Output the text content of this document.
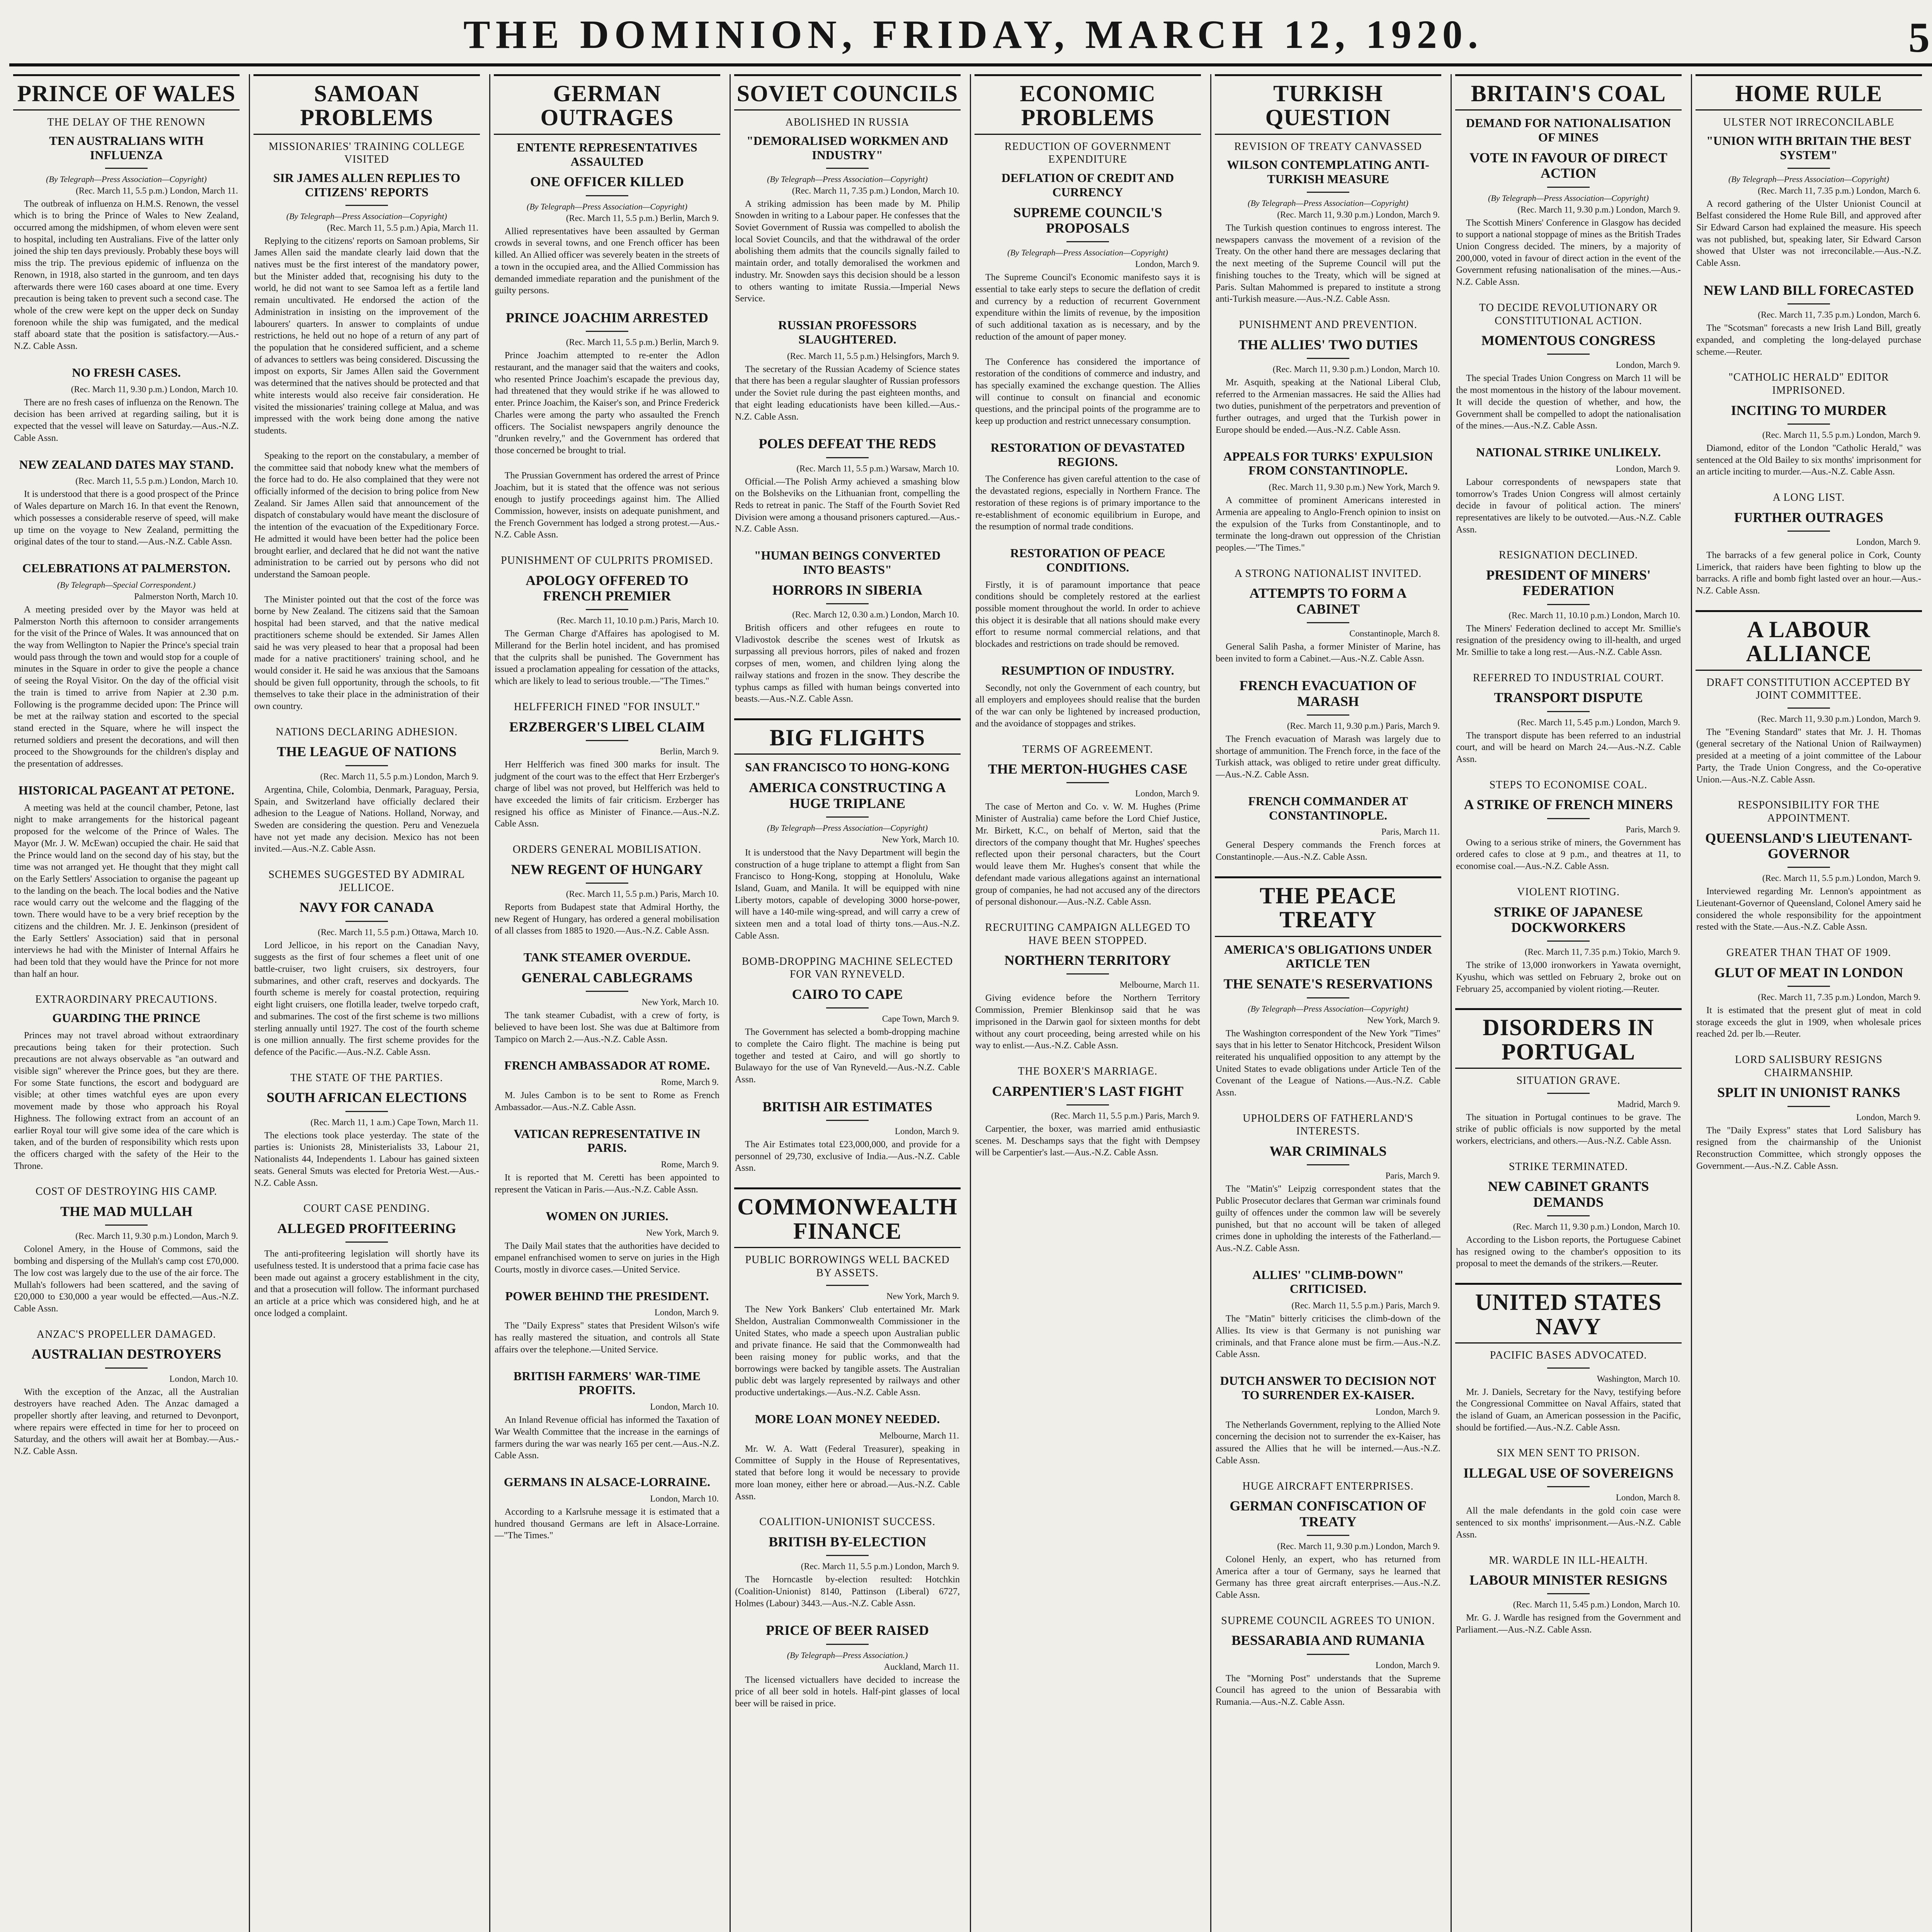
THE DOMINION, FRIDAY, MARCH 12, 1920.	5
PRINCE OF WALES
THE DELAY OF THE RENOWN
TEN AUSTRALIANS WITH INFLUENZA
(By Telegraph—Press Association—Copyright)
(Rec. March 11, 5.5 p.m.) London, March 11.
The outbreak of influenza on H.M.S. Renown, the vessel which is to bring the Prince of Wales to New Zealand, occurred among the midshipmen, of whom eleven were sent to hospital, including ten Australians. Five of the latter only joined the ship ten days previously. Probably these boys will miss the trip. The previous epidemic of influenza on the Renown, in 1918, also started in the gunroom, and ten days afterwards there were 160 cases aboard at one time. Every precaution is being taken to prevent such a second case. The whole of the crew were kept on the upper deck on Sunday forenoon while the ship was fumigated, and the medical staff aboard state that the position is satisfactory.—Aus.-N.Z. Cable Assn.
NO FRESH CASES.
(Rec. March 11, 9.30 p.m.) London, March 10.
There are no fresh cases of influenza on the Renown. The decision has been arrived at regarding sailing, but it is expected that the vessel will leave on Saturday.—Aus.-N.Z. Cable Assn.
NEW ZEALAND DATES MAY STAND.
(Rec. March 11, 5.5 p.m.) London, March 10.
It is understood that there is a good prospect of the Prince of Wales departure on March 16. In that event the Renown, which possesses a considerable reserve of speed, will make up time on the voyage to New Zealand, permitting the original dates of the tour to stand.—Aus.-N.Z. Cable Assn.
CELEBRATIONS AT PALMERSTON.
(By Telegraph—Special Correspondent.)
Palmerston North, March 10.
A meeting presided over by the Mayor was held at Palmerston North this afternoon to consider arrangements for the visit of the Prince of Wales. It was announced that on the way from Wellington to Napier the Prince's special train would pass through the town and would stop for a couple of minutes in the Square in order to give the people a chance of seeing the Royal Visitor. On the day of the official visit the train is timed to arrive from Napier at 2.30 p.m. Following is the programme decided upon: The Prince will be met at the railway station and escorted to the special stand erected in the Square, where he will inspect the returned soldiers and present the decorations, and will then proceed to the Showgrounds for the children's display and the presentation of addresses.
HISTORICAL PAGEANT AT PETONE.
A meeting was held at the council chamber, Petone, last night to make arrangements for the historical pageant proposed for the welcome of the Prince of Wales. The Mayor (Mr. J. W. McEwan) occupied the chair. He said that the Prince would land on the second day of his stay, but the time was not arranged yet. He thought that they might call on the Early Settlers' Association to organise the pageant up to the landing on the beach. The local bodies and the Native race would carry out the welcome and the flagging of the town. There would have to be a very brief reception by the citizens and the children. Mr. J. E. Jenkinson (president of the Early Settlers' Association) said that in personal interviews he had with the Minister of Internal Affairs he had been told that they would have the Prince for not more than half an hour.
EXTRAORDINARY PRECAUTIONS.
GUARDING THE PRINCE
Princes may not travel abroad without extraordinary precautions being taken for their protection. Such precautions are not always observable as "an outward and visible sign" wherever the Prince goes, but they are there. For some State functions, the escort and bodyguard are visible; at other times watchful eyes are upon every movement made by those who approach his Royal Highness. The following extract from an account of an earlier Royal tour will give some idea of the care which is taken, and of the burden of responsibility which rests upon the officers charged with the safety of the Heir to the Throne.
COST OF DESTROYING HIS CAMP.
THE MAD MULLAH
(Rec. March 11, 9.30 p.m.) London, March 9.
Colonel Amery, in the House of Commons, said the bombing and dispersing of the Mullah's camp cost £70,000. The low cost was largely due to the use of the air force. The Mullah's followers had been scattered, and the saving of £20,000 to £30,000 a year would be effected.—Aus.-N.Z. Cable Assn.
ANZAC'S PROPELLER DAMAGED.
AUSTRALIAN DESTROYERS
London, March 10.
With the exception of the Anzac, all the Australian destroyers have reached Aden. The Anzac damaged a propeller shortly after leaving, and returned to Devonport, where repairs were effected in time for her to proceed on Saturday, and the others will await her at Bombay.—Aus.-N.Z. Cable Assn.
SAMOAN PROBLEMS
MISSIONARIES' TRAINING COLLEGE VISITED
SIR JAMES ALLEN REPLIES TO CITIZENS' REPORTS
(By Telegraph—Press Association—Copyright)
(Rec. March 11, 5.5 p.m.) Apia, March 11.
Replying to the citizens' reports on Samoan problems, Sir James Allen said the mandate clearly laid down that the natives must be the first interest of the mandatory power, but the Minister added that, recognising his duty to the world, he did not want to see Samoa left as a fertile land remain uncultivated. He endorsed the action of the Administration in insisting on the improvement of the labourers' quarters. In answer to complaints of undue restrictions, he held out no hope of a return of any part of the population that he considered sufficient, and a scheme of advances to settlers was being considered. Discussing the impost on exports, Sir James Allen said the Government was determined that the natives should be protected and that white interests would also receive fair consideration. He visited the missionaries' training college at Malua, and was impressed with the work being done among the native students.
Speaking to the report on the constabulary, a member of the committee said that nobody knew what the members of the force had to do. He also complained that they were not officially informed of the decision to bring police from New Zealand. Sir James Allen said that announcement of the dispatch of constabulary would have meant the disclosure of the intention of the evacuation of the Expeditionary Force. He admitted it would have been better had the police been brought earlier, and declared that he did not want the native administration to be carried out by persons who did not understand the Samoan people.
The Minister pointed out that the cost of the force was borne by New Zealand. The citizens said that the Samoan hospital had been starved, and that the native medical practitioners scheme should be extended. Sir James Allen said he was very pleased to hear that a proposal had been made for a native practitioners' training school, and he would consider it. He said he was anxious that the Samoans should be given full opportunity, through the schools, to fit themselves to take their place in the administration of their own country.
NATIONS DECLARING ADHESION.
THE LEAGUE OF NATIONS
(Rec. March 11, 5.5 p.m.) London, March 9.
Argentina, Chile, Colombia, Denmark, Paraguay, Persia, Spain, and Switzerland have officially declared their adhesion to the League of Nations. Holland, Norway, and Sweden are considering the question. Peru and Venezuela have not yet made any decision. Mexico has not been invited.—Aus.-N.Z. Cable Assn.
SCHEMES SUGGESTED BY ADMIRAL JELLICOE.
NAVY FOR CANADA
(Rec. March 11, 5.5 p.m.) Ottawa, March 10.
Lord Jellicoe, in his report on the Canadian Navy, suggests as the first of four schemes a fleet unit of one battle-cruiser, two light cruisers, six destroyers, four submarines, and other craft, reserves and dockyards. The fourth scheme is merely for coastal protection, requiring eight light cruisers, one flotilla leader, twelve torpedo craft, and submarines. The cost of the first scheme is two millions sterling annually until 1927. The cost of the fourth scheme is one million annually. The first scheme provides for the defence of the Pacific.—Aus.-N.Z. Cable Assn.
THE STATE OF THE PARTIES.
SOUTH AFRICAN ELECTIONS
(Rec. March 11, 1 a.m.) Cape Town, March 11.
The elections took place yesterday. The state of the parties is: Unionists 28, Ministerialists 33, Labour 21, Nationalists 44, Independents 1. Labour has gained sixteen seats. General Smuts was elected for Pretoria West.—Aus.-N.Z. Cable Assn.
COURT CASE PENDING.
ALLEGED PROFITEERING
The anti-profiteering legislation will shortly have its usefulness tested. It is understood that a prima facie case has been made out against a grocery establishment in the city, and that a prosecution will follow. The informant purchased an article at a price which was considered high, and he at once lodged a complaint.
GERMAN OUTRAGES
ENTENTE REPRESENTATIVES ASSAULTED
ONE OFFICER KILLED
(By Telegraph—Press Association—Copyright)
(Rec. March 11, 5.5 p.m.) Berlin, March 9.
Allied representatives have been assaulted by German crowds in several towns, and one French officer has been killed. An Allied officer was severely beaten in the streets of a town in the occupied area, and the Allied Commission has demanded immediate reparation and the punishment of the guilty persons.
PRINCE JOACHIM ARRESTED
(Rec. March 11, 5.5 p.m.) Berlin, March 9.
Prince Joachim attempted to re-enter the Adlon restaurant, and the manager said that the waiters and cooks, who resented Prince Joachim's escapade the previous day, had threatened that they would strike if he was allowed to enter. Prince Joachim, the Kaiser's son, and Prince Frederick Charles were among the party who assaulted the French officers. The Socialist newspapers angrily denounce the "drunken revelry," and the Government has ordered that those concerned be brought to trial.
The Prussian Government has ordered the arrest of Prince Joachim, but it is stated that the offence was not serious enough to justify proceedings against him. The Allied Commission, however, insists on adequate punishment, and the French Government has lodged a strong protest.—Aus.-N.Z. Cable Assn.
PUNISHMENT OF CULPRITS PROMISED.
APOLOGY OFFERED TO FRENCH PREMIER
(Rec. March 11, 10.10 p.m.) Paris, March 10.
The German Charge d'Affaires has apologised to M. Millerand for the Berlin hotel incident, and has promised that the culprits shall be punished. The Government has issued a proclamation appealing for cessation of the attacks, which are likely to lead to serious trouble.—"The Times."
HELFFERICH FINED "FOR INSULT."
ERZBERGER'S LIBEL CLAIM
Berlin, March 9.
Herr Helfferich was fined 300 marks for insult. The judgment of the court was to the effect that Herr Erzberger's charge of libel was not proved, but Helfferich was held to have exceeded the limits of fair criticism. Erzberger has resigned his office as Minister of Finance.—Aus.-N.Z. Cable Assn.
ORDERS GENERAL MOBILISATION.
NEW REGENT OF HUNGARY
(Rec. March 11, 5.5 p.m.) Paris, March 10.
Reports from Budapest state that Admiral Horthy, the new Regent of Hungary, has ordered a general mobilisation of all classes from 1885 to 1920.—Aus.-N.Z. Cable Assn.
TANK STEAMER OVERDUE.
GENERAL CABLEGRAMS
New York, March 10.
The tank steamer Cubadist, with a crew of forty, is believed to have been lost. She was due at Baltimore from Tampico on March 2.—Aus.-N.Z. Cable Assn.
FRENCH AMBASSADOR AT ROME.
Rome, March 9.
M. Jules Cambon is to be sent to Rome as French Ambassador.—Aus.-N.Z. Cable Assn.
VATICAN REPRESENTATIVE IN PARIS.
Rome, March 9.
It is reported that M. Ceretti has been appointed to represent the Vatican in Paris.—Aus.-N.Z. Cable Assn.
WOMEN ON JURIES.
New York, March 9.
The Daily Mail states that the authorities have decided to empanel enfranchised women to serve on juries in the High Courts, mostly in divorce cases.—United Service.
POWER BEHIND THE PRESIDENT.
London, March 9.
The "Daily Express" states that President Wilson's wife has really mastered the situation, and controls all State affairs over the telephone.—United Service.
BRITISH FARMERS' WAR-TIME PROFITS.
London, March 10.
An Inland Revenue official has informed the Taxation of War Wealth Committee that the increase in the earnings of farmers during the war was nearly 165 per cent.—Aus.-N.Z. Cable Assn.
GERMANS IN ALSACE-LORRAINE.
London, March 10.
According to a Karlsruhe message it is estimated that a hundred thousand Germans are left in Alsace-Lorraine.—"The Times."
SOVIET COUNCILS
ABOLISHED IN RUSSIA
"DEMORALISED WORKMEN AND INDUSTRY"
(By Telegraph—Press Association—Copyright)
(Rec. March 11, 7.35 p.m.) London, March 10.
A striking admission has been made by M. Philip Snowden in writing to a Labour paper. He confesses that the Soviet Government of Russia was compelled to abolish the local Soviet Councils, and that the withdrawal of the order abolishing them admits that the councils signally failed to maintain order, and totally demoralised the workmen and industry. Mr. Snowden says this decision should be a lesson to others wanting to imitate Russia.—Imperial News Service.
RUSSIAN PROFESSORS SLAUGHTERED.
(Rec. March 11, 5.5 p.m.) Helsingfors, March 9.
The secretary of the Russian Academy of Science states that there has been a regular slaughter of Russian professors under the Soviet rule during the past eighteen months, and that eight leading educationists have been killed.—Aus.-N.Z. Cable Assn.
POLES DEFEAT THE REDS
(Rec. March 11, 5.5 p.m.) Warsaw, March 10.
Official.—The Polish Army achieved a smashing blow on the Bolsheviks on the Lithuanian front, compelling the Reds to retreat in panic. The Staff of the Fourth Soviet Red Division were among a thousand prisoners captured.—Aus.-N.Z. Cable Assn.
"HUMAN BEINGS CONVERTED INTO BEASTS"
HORRORS IN SIBERIA
(Rec. March 12, 0.30 a.m.) London, March 10.
British officers and other refugees en route to Vladivostok describe the scenes west of Irkutsk as surpassing all previous horrors, piles of naked and frozen corpses of men, women, and children lying along the railway stations and frozen in the snow. They describe the typhus camps as filled with human beings converted into beasts.—Aus.-N.Z. Cable Assn.
BIG FLIGHTS
SAN FRANCISCO TO HONG-KONG
AMERICA CONSTRUCTING A HUGE TRIPLANE
(By Telegraph—Press Association—Copyright)
New York, March 10.
It is understood that the Navy Department will begin the construction of a huge triplane to attempt a flight from San Francisco to Hong-Kong, stopping at Honolulu, Wake Island, Guam, and Manila. It will be equipped with nine Liberty motors, capable of developing 3000 horse-power, will have a 140-mile wing-spread, and will carry a crew of sixteen men and a total load of thirty tons.—Aus.-N.Z. Cable Assn.
BOMB-DROPPING MACHINE SELECTED FOR VAN RYNEVELD.
CAIRO TO CAPE
Cape Town, March 9.
The Government has selected a bomb-dropping machine to complete the Cairo flight. The machine is being put together and tested at Cairo, and will go shortly to Bulawayo for the use of Van Ryneveld.—Aus.-N.Z. Cable Assn.
BRITISH AIR ESTIMATES
London, March 9.
The Air Estimates total £23,000,000, and provide for a personnel of 29,730, exclusive of India.—Aus.-N.Z. Cable Assn.
COMMONWEALTH FINANCE
PUBLIC BORROWINGS WELL BACKED BY ASSETS.
New York, March 9.
The New York Bankers' Club entertained Mr. Mark Sheldon, Australian Commonwealth Commissioner in the United States, who made a speech upon Australian public and private finance. He said that the Commonwealth had been raising money for public works, and that the borrowings were backed by tangible assets. The Australian public debt was largely represented by railways and other productive undertakings.—Aus.-N.Z. Cable Assn.
MORE LOAN MONEY NEEDED.
Melbourne, March 11.
Mr. W. A. Watt (Federal Treasurer), speaking in Committee of Supply in the House of Representatives, stated that before long it would be necessary to provide more loan money, either here or abroad.—Aus.-N.Z. Cable Assn.
COALITION-UNIONIST SUCCESS.
BRITISH BY-ELECTION
(Rec. March 11, 5.5 p.m.) London, March 9.
The Horncastle by-election resulted: Hotchkin (Coalition-Unionist) 8140, Pattinson (Liberal) 6727, Holmes (Labour) 3443.—Aus.-N.Z. Cable Assn.
PRICE OF BEER RAISED
(By Telegraph—Press Association.)
Auckland, March 11.
The licensed victuallers have decided to increase the price of all beer sold in hotels. Half-pint glasses of local beer will be raised in price.
ECONOMIC PROBLEMS
REDUCTION OF GOVERNMENT EXPENDITURE
DEFLATION OF CREDIT AND CURRENCY
SUPREME COUNCIL'S PROPOSALS
(By Telegraph—Press Association—Copyright)
London, March 9.
The Supreme Council's Economic manifesto says it is essential to take early steps to secure the deflation of credit and currency by a reduction of recurrent Government expenditure within the limits of revenue, by the imposition of such additional taxation as is necessary, and by the reduction of the amount of paper money.
The Conference has considered the importance of restoration of the conditions of commerce and industry, and has specially examined the exchange question. The Allies will continue to consult on financial and economic questions, and the principal points of the programme are to keep up production and restrict unnecessary consumption.
RESTORATION OF DEVASTATED REGIONS.
The Conference has given careful attention to the case of the devastated regions, especially in Northern France. The restoration of these regions is of primary importance to the re-establishment of economic equilibrium in Europe, and the resumption of normal trade conditions.
RESTORATION OF PEACE CONDITIONS.
Firstly, it is of paramount importance that peace conditions should be completely restored at the earliest possible moment throughout the world. In order to achieve this object it is desirable that all nations should make every effort to resume normal commercial relations, and that blockades and restrictions on trade should be removed.
RESUMPTION OF INDUSTRY.
Secondly, not only the Government of each country, but all employers and employees should realise that the burden of the war can only be lightened by increased production, and the avoidance of stoppages and strikes.
TERMS OF AGREEMENT.
THE MERTON-HUGHES CASE
London, March 9.
The case of Merton and Co. v. W. M. Hughes (Prime Minister of Australia) came before the Lord Chief Justice, Mr. Birkett, K.C., on behalf of Merton, said that the directors of the company thought that Mr. Hughes' speeches reflected upon their personal characters, but the Court would leave them Mr. Hughes's consent that while the defendant made various allegations against an international group of companies, he had not accused any of the directors of personal dishonour.—Aus.-N.Z. Cable Assn.
RECRUITING CAMPAIGN ALLEGED TO HAVE BEEN STOPPED.
NORTHERN TERRITORY
Melbourne, March 11.
Giving evidence before the Northern Territory Commission, Premier Blenkinsop said that he was imprisoned in the Darwin gaol for sixteen months for debt without any court proceeding, being arrested while on his way to enlist.—Aus.-N.Z. Cable Assn.
THE BOXER'S MARRIAGE.
CARPENTIER'S LAST FIGHT
(Rec. March 11, 5.5 p.m.) Paris, March 9.
Carpentier, the boxer, was married amid enthusiastic scenes. M. Deschamps says that the fight with Dempsey will be Carpentier's last.—Aus.-N.Z. Cable Assn.
TURKISH QUESTION
REVISION OF TREATY CANVASSED
WILSON CONTEMPLATING ANTI-TURKISH MEASURE
(By Telegraph—Press Association—Copyright)
(Rec. March 11, 9.30 p.m.) London, March 9.
The Turkish question continues to engross interest. The newspapers canvass the movement of a revision of the Treaty. On the other hand there are messages declaring that the next meeting of the Supreme Council will put the finishing touches to the Treaty, which will be signed at Paris. Sultan Mahommed is prepared to institute a strong anti-Turkish measure.—Aus.-N.Z. Cable Assn.
PUNISHMENT AND PREVENTION.
THE ALLIES' TWO DUTIES
(Rec. March 11, 9.30 p.m.) London, March 10.
Mr. Asquith, speaking at the National Liberal Club, referred to the Armenian massacres. He said the Allies had two duties, punishment of the perpetrators and prevention of further outrages, and urged that the Turkish power in Europe should be ended.—Aus.-N.Z. Cable Assn.
APPEALS FOR TURKS' EXPULSION FROM CONSTANTINOPLE.
(Rec. March 11, 9.30 p.m.) New York, March 9.
A committee of prominent Americans interested in Armenia are appealing to Anglo-French opinion to insist on the expulsion of the Turks from Constantinople, and to terminate the long-drawn out oppression of the Christian peoples.—"The Times."
A STRONG NATIONALIST INVITED.
ATTEMPTS TO FORM A CABINET
Constantinople, March 8.
General Salih Pasha, a former Minister of Marine, has been invited to form a Cabinet.—Aus.-N.Z. Cable Assn.
FRENCH EVACUATION OF MARASH
(Rec. March 11, 9.30 p.m.) Paris, March 9.
The French evacuation of Marash was largely due to shortage of ammunition. The French force, in the face of the Turkish attack, was obliged to retire under great difficulty.—Aus.-N.Z. Cable Assn.
FRENCH COMMANDER AT CONSTANTINOPLE.
Paris, March 11.
General Despery commands the French forces at Constantinople.—Aus.-N.Z. Cable Assn.
THE PEACE TREATY
AMERICA'S OBLIGATIONS UNDER ARTICLE TEN
THE SENATE'S RESERVATIONS
(By Telegraph—Press Association—Copyright)
New York, March 9.
The Washington correspondent of the New York "Times" says that in his letter to Senator Hitchcock, President Wilson reiterated his unqualified opposition to any attempt by the United States to evade obligations under Article Ten of the Covenant of the League of Nations.—Aus.-N.Z. Cable Assn.
UPHOLDERS OF FATHERLAND'S INTERESTS.
WAR CRIMINALS
Paris, March 9.
The "Matin's" Leipzig correspondent states that the Public Prosecutor declares that German war criminals found guilty of offences under the common law will be severely punished, but that no account will be taken of alleged crimes done in upholding the interests of the Fatherland.—Aus.-N.Z. Cable Assn.
ALLIES' "CLIMB-DOWN" CRITICISED.
(Rec. March 11, 5.5 p.m.) Paris, March 9.
The "Matin" bitterly criticises the climb-down of the Allies. Its view is that Germany is not punishing war criminals, and that France alone must be firm.—Aus.-N.Z. Cable Assn.
DUTCH ANSWER TO DECISION NOT TO SURRENDER EX-KAISER.
London, March 9.
The Netherlands Government, replying to the Allied Note concerning the decision not to surrender the ex-Kaiser, has assured the Allies that he will be interned.—Aus.-N.Z. Cable Assn.
HUGE AIRCRAFT ENTERPRISES.
GERMAN CONFISCATION OF TREATY
(Rec. March 11, 9.30 p.m.) London, March 9.
Colonel Henly, an expert, who has returned from America after a tour of Germany, says he learned that Germany has three great aircraft enterprises.—Aus.-N.Z. Cable Assn.
SUPREME COUNCIL AGREES TO UNION.
BESSARABIA AND RUMANIA
London, March 9.
The "Morning Post" understands that the Supreme Council has agreed to the union of Bessarabia with Rumania.—Aus.-N.Z. Cable Assn.
BRITAIN'S COAL
DEMAND FOR NATIONALISATION OF MINES
VOTE IN FAVOUR OF DIRECT ACTION
(By Telegraph—Press Association—Copyright)
(Rec. March 11, 9.30 p.m.) London, March 9.
The Scottish Miners' Conference in Glasgow has decided to support a national stoppage of mines as the British Trades Union Congress decided. The miners, by a majority of 200,000, voted in favour of direct action in the event of the Government refusing nationalisation of the mines.—Aus.-N.Z. Cable Assn.
TO DECIDE REVOLUTIONARY OR CONSTITUTIONAL ACTION.
MOMENTOUS CONGRESS
London, March 9.
The special Trades Union Congress on March 11 will be the most momentous in the history of the labour movement. It will decide the question of whether, and how, the Government shall be compelled to adopt the nationalisation of the mines.—Aus.-N.Z. Cable Assn.
NATIONAL STRIKE UNLIKELY.
London, March 9.
Labour correspondents of newspapers state that tomorrow's Trades Union Congress will almost certainly decide in favour of political action. The miners' representatives are likely to be outvoted.—Aus.-N.Z. Cable Assn.
RESIGNATION DECLINED.
PRESIDENT OF MINERS' FEDERATION
(Rec. March 11, 10.10 p.m.) London, March 10.
The Miners' Federation declined to accept Mr. Smillie's resignation of the presidency owing to ill-health, and urged Mr. Smillie to take a long rest.—Aus.-N.Z. Cable Assn.
REFERRED TO INDUSTRIAL COURT.
TRANSPORT DISPUTE
(Rec. March 11, 5.45 p.m.) London, March 9.
The transport dispute has been referred to an industrial court, and will be heard on March 24.—Aus.-N.Z. Cable Assn.
STEPS TO ECONOMISE COAL.
A STRIKE OF FRENCH MINERS
Paris, March 9.
Owing to a serious strike of miners, the Government has ordered cafes to close at 9 p.m., and theatres at 11, to economise coal.—Aus.-N.Z. Cable Assn.
VIOLENT RIOTING.
STRIKE OF JAPANESE DOCKWORKERS
(Rec. March 11, 7.35 p.m.) Tokio, March 9.
The strike of 13,000 ironworkers in Yawata overnight, Kyushu, which was settled on February 2, broke out on February 25, accompanied by violent rioting.—Reuter.
DISORDERS IN PORTUGAL
SITUATION GRAVE.
Madrid, March 9.
The situation in Portugal continues to be grave. The strike of public officials is now supported by the metal workers, electricians, and others.—Aus.-N.Z. Cable Assn.
STRIKE TERMINATED.
NEW CABINET GRANTS DEMANDS
(Rec. March 11, 9.30 p.m.) London, March 10.
According to the Lisbon reports, the Portuguese Cabinet has resigned owing to the chamber's opposition to its proposal to meet the demands of the strikers.—Reuter.
UNITED STATES NAVY
PACIFIC BASES ADVOCATED.
Washington, March 10.
Mr. J. Daniels, Secretary for the Navy, testifying before the Congressional Committee on Naval Affairs, stated that the island of Guam, an American possession in the Pacific, should be fortified.—Aus.-N.Z. Cable Assn.
SIX MEN SENT TO PRISON.
ILLEGAL USE OF SOVEREIGNS
London, March 8.
All the male defendants in the gold coin case were sentenced to six months' imprisonment.—Aus.-N.Z. Cable Assn.
MR. WARDLE IN ILL-HEALTH.
LABOUR MINISTER RESIGNS
(Rec. March 11, 5.45 p.m.) London, March 10.
Mr. G. J. Wardle has resigned from the Government and Parliament.—Aus.-N.Z. Cable Assn.
HOME RULE
ULSTER NOT IRRECONCILABLE
"UNION WITH BRITAIN THE BEST SYSTEM"
(By Telegraph—Press Association—Copyright)
(Rec. March 11, 7.35 p.m.) London, March 6.
A record gathering of the Ulster Unionist Council at Belfast considered the Home Rule Bill, and approved after Sir Edward Carson had explained the measure. His speech was not published, but, speaking later, Sir Edward Carson showed that Ulster was not irreconcilable.—Aus.-N.Z. Cable Assn.
NEW LAND BILL FORECASTED
(Rec. March 11, 7.35 p.m.) London, March 6.
The "Scotsman" forecasts a new Irish Land Bill, greatly expanded, and completing the long-delayed purchase scheme.—Reuter.
"CATHOLIC HERALD" EDITOR IMPRISONED.
INCITING TO MURDER
(Rec. March 11, 5.5 p.m.) London, March 9.
Diamond, editor of the London "Catholic Herald," was sentenced at the Old Bailey to six months' imprisonment for an article inciting to murder.—Aus.-N.Z. Cable Assn.
A LONG LIST.
FURTHER OUTRAGES
London, March 9.
The barracks of a few general police in Cork, County Limerick, that raiders have been fighting to blow up the barracks. A rifle and bomb fight lasted over an hour.—Aus.-N.Z. Cable Assn.
A LABOUR ALLIANCE
DRAFT CONSTITUTION ACCEPTED BY JOINT COMMITTEE.
(Rec. March 11, 9.30 p.m.) London, March 9.
The "Evening Standard" states that Mr. J. H. Thomas (general secretary of the National Union of Railwaymen) presided at a meeting of a joint committee of the Labour Party, the Trade Union Congress, and the Co-operative Union.—Aus.-N.Z. Cable Assn.
RESPONSIBILITY FOR THE APPOINTMENT.
QUEENSLAND'S LIEUTENANT-GOVERNOR
(Rec. March 11, 5.5 p.m.) London, March 9.
Interviewed regarding Mr. Lennon's appointment as Lieutenant-Governor of Queensland, Colonel Amery said he considered the whole responsibility for the appointment rested with the State.—Aus.-N.Z. Cable Assn.
GREATER THAN THAT OF 1909.
GLUT OF MEAT IN LONDON
(Rec. March 11, 7.35 p.m.) London, March 9.
It is estimated that the present glut of meat in cold storage exceeds the glut in 1909, when wholesale prices reached 2d. per lb.—Reuter.
LORD SALISBURY RESIGNS CHAIRMANSHIP.
SPLIT IN UNIONIST RANKS
London, March 9.
The "Daily Express" states that Lord Salisbury has resigned from the chairmanship of the Unionist Reconstruction Committee, which strongly opposes the Government.—Aus.-N.Z. Cable Assn.
